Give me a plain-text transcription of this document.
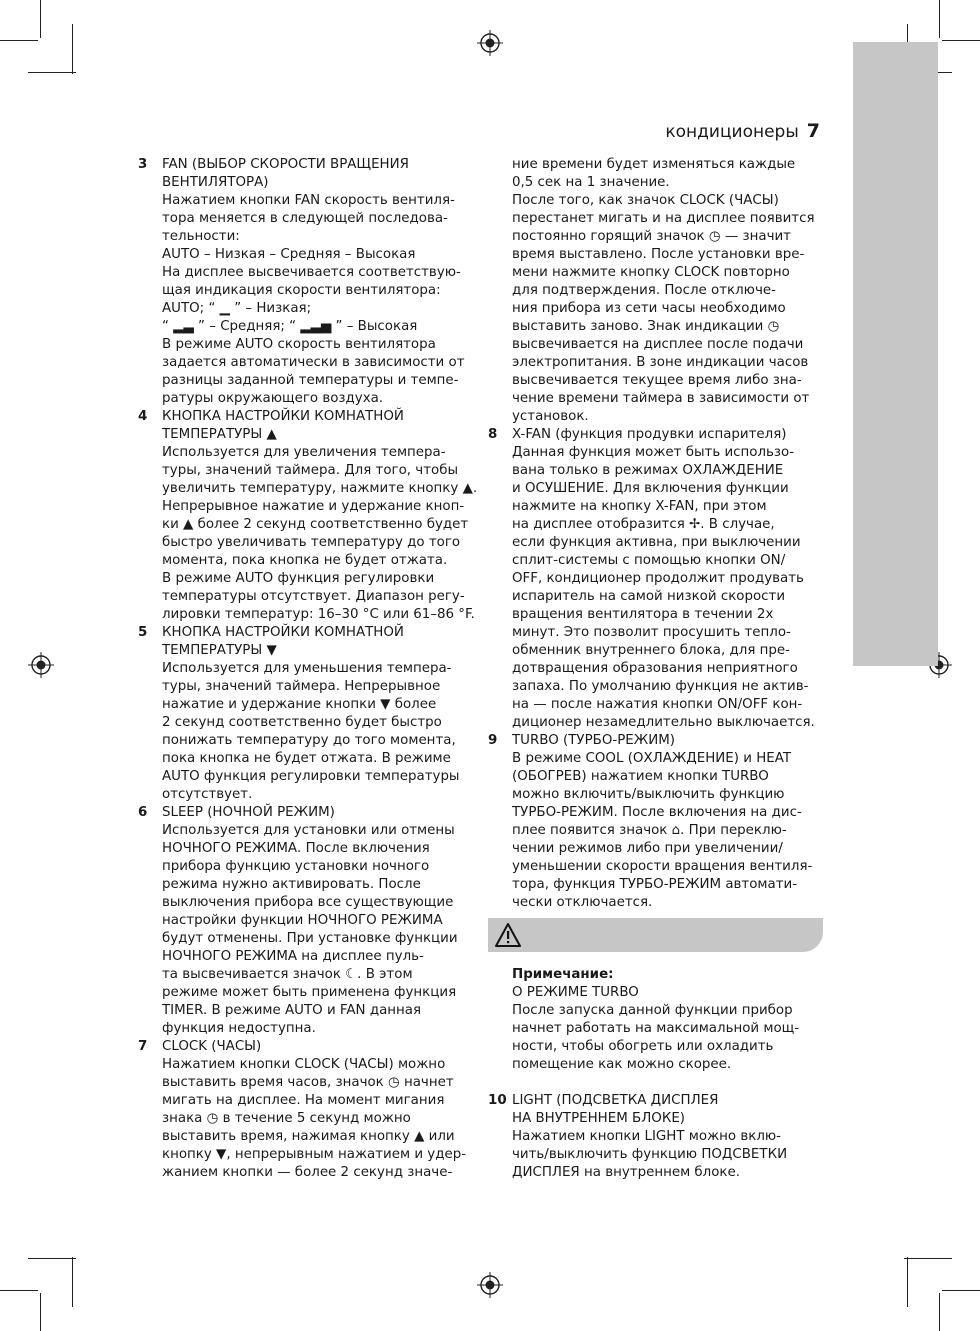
кондиционеры 7
3 FAN (ВЫБОР СКОРОСТИ ВРАЩЕНИЯ
ВЕНТИЛЯТОРА)
Нажатием кнопки FAN скорость вентиля-
тора меняется в следующей последова-
тельности:
AUTO – Низкая – Средняя – Высокая
На дисплее высвечивается соответствую-
щая индикация скорости вентилятора:
AUTO; “ ▁ ” – Низкая;
“ ▂▃ ” – Средняя; “ ▂▃▅ ” – Высокая
В режиме AUTO скорость вентилятора
задается автоматически в зависимости от
разницы заданной температуры и темпе-
ратуры окружающего воздуха.
4 КНОПКА НАСТРОЙКИ КОМНАТНОЙ
ТЕМПЕРАТУРЫ ▲
Используется для увеличения темпера-
туры, значений таймера. Для того, чтобы
увеличить температуру, нажмите кнопку ▲.
Непрерывное нажатие и удержание кноп-
ки ▲ более 2 секунд соответственно будет
быстро увеличивать температуру до того
момента, пока кнопка не будет отжата.
В режиме AUTO функция регулировки
температуры отсутствует. Диапазон регу-
лировки температур: 16–30 °C или 61–86 °F.
5 КНОПКА НАСТРОЙКИ КОМНАТНОЙ
ТЕМПЕРАТУРЫ ▼
Используется для уменьшения темпера-
туры, значений таймера. Непрерывное
нажатие и удержание кнопки ▼ более
2 секунд соответственно будет быстро
понижать температуру до того момента,
пока кнопка не будет отжата. В режиме
AUTO функция регулировки температуры
отсутствует.
6 SLEEP (НОЧНОЙ РЕЖИМ)
Используется для установки или отмены
НОЧНОГО РЕЖИМА. После включения
прибора функцию установки ночного
режима нужно активировать. После
выключения прибора все существующие
настройки функции НОЧНОГО РЕЖИМА
будут отменены. При установке функции
НОЧНОГО РЕЖИМА на дисплее пуль-
та высвечивается значок ☾. В этом
режиме может быть применена функция
TIMER. В режиме AUTO и FAN данная
функция недоступна.
7 CLOCK (ЧАСЫ)
Нажатием кнопки CLOCK (ЧАСЫ) можно
выставить время часов, значок ◷ начнет
мигать на дисплее. На момент мигания
знака ◷ в течение 5 секунд можно
выставить время, нажимая кнопку ▲ или
кнопку ▼, непрерывным нажатием и удер-
жанием кнопки — более 2 секунд значе-
ние времени будет изменяться каждые
0,5 сек на 1 значение.
После того, как значок CLOCK (ЧАСЫ)
перестанет мигать и на дисплее появится
постоянно горящий значок ◷ — значит
время выставлено. После установки вре-
мени нажмите кнопку CLOCK повторно
для подтверждения. После отключе-
ния прибора из сети часы необходимо
выставить заново. Знак индикации ◷
высвечивается на дисплее после подачи
электропитания. В зоне индикации часов
высвечивается текущее время либо зна-
чение времени таймера в зависимости от
установок.
8 X-FAN (функция продувки испарителя)
Данная функция может быть использо-
вана только в режимах ОХЛАЖДЕНИЕ
и ОСУШЕНИЕ. Для включения функции
нажмите на кнопку X-FAN, при этом
на дисплее отобразится ✢. В случае,
если функция активна, при выключении
сплит-системы с помощью кнопки ON/
OFF, кондиционер продолжит продувать
испаритель на самой низкой скорости
вращения вентилятора в течении 2х
минут. Это позволит просушить тепло-
обменник внутреннего блока, для пре-
дотвращения образования неприятного
запаха. По умолчанию функция не актив-
на — после нажатия кнопки ON/OFF кон-
диционер незамедлительно выключается.
9 TURBO (ТУРБО-РЕЖИМ)
В режиме COOL (ОХЛАЖДЕНИЕ) и HEAT
(ОБОГРЕВ) нажатием кнопки TURBO
можно включить/выключить функцию
ТУРБО-РЕЖИМ. После включения на дис-
плее появится значок ⌂. При переклю-
чении режимов либо при увеличении/
уменьшении скорости вращения вентиля-
тора, функция ТУРБО-РЕЖИМ автомати-
чески отключается.
Примечание:
О РЕЖИМЕ TURBO
После запуска данной функции прибор
начнет работать на максимальной мощ-
ности, чтобы обогреть или охладить
помещение как можно скорее.
10 LIGHT (ПОДСВЕТКА ДИСПЛЕЯ
НА ВНУТРЕННЕМ БЛОКЕ)
Нажатием кнопки LIGHT можно вклю-
чить/выключить функцию ПОДСВЕТКИ
ДИСПЛЕЯ на внутреннем блоке.
